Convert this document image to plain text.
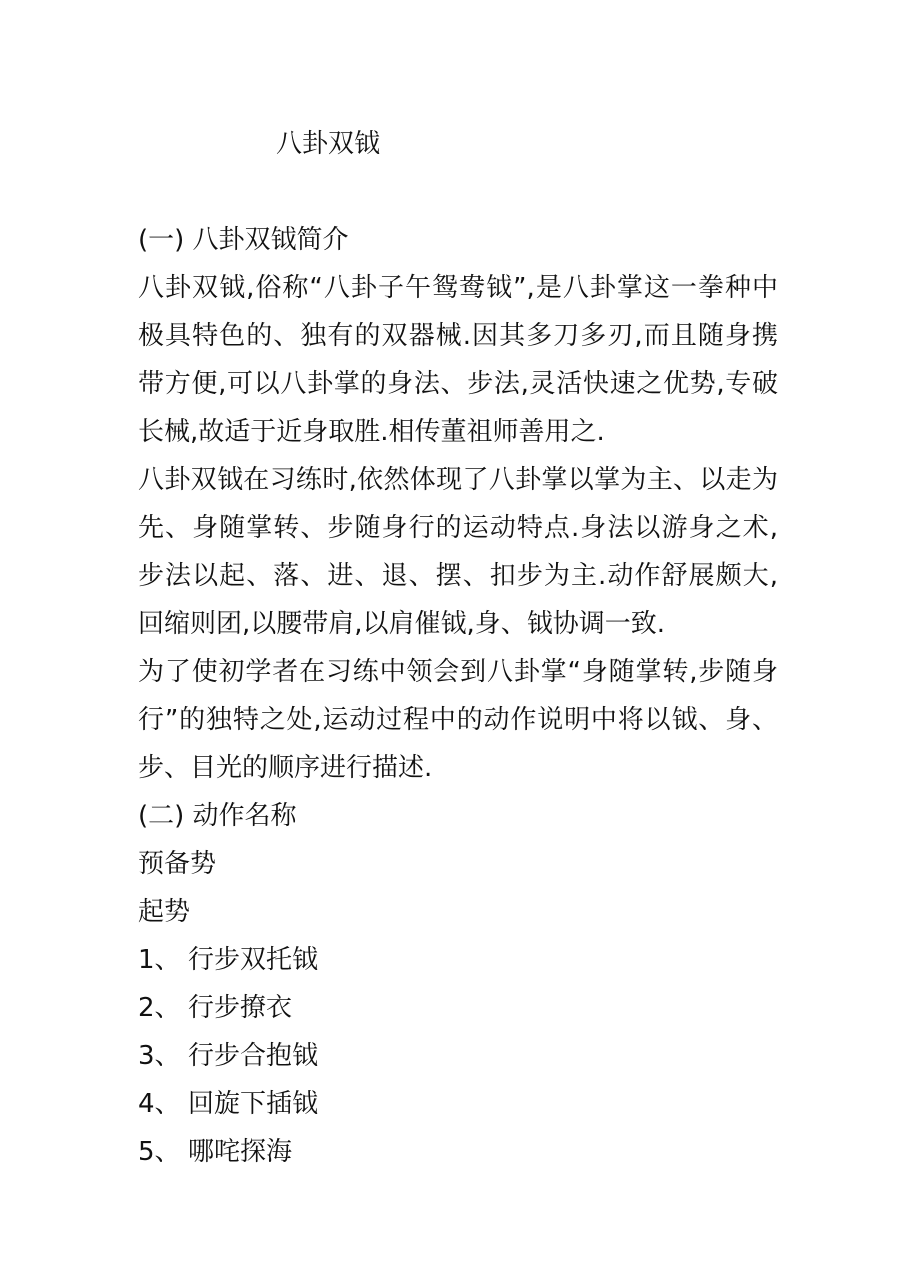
八卦双钺

(一) 八卦双钺简介

八卦双钺,俗称“八卦子午鸳鸯钺”,是八卦掌这一拳种中极具特色的、独有的双器械.因其多刀多刃,而且随身携带方便,可以八卦掌的身法、步法,灵活快速之优势,专破长械,故适于近身取胜.相传董祖师善用之.

八卦双钺在习练时,依然体现了八卦掌以掌为主、以走为先、身随掌转、步随身行的运动特点.身法以游身之术,步法以起、落、进、退、摆、扣步为主.动作舒展颇大,回缩则团,以腰带肩,以肩催钺,身、钺协调一致.

为了使初学者在习练中领会到八卦掌“身随掌转,步随身行”的独特之处,运动过程中的动作说明中将以钺、身、步、目光的顺序进行描述.

(二) 动作名称

预备势

起势

1、 行步双托钺
2、 行步撩衣
3、 行步合抱钺
4、 回旋下插钺
5、 哪咤探海
